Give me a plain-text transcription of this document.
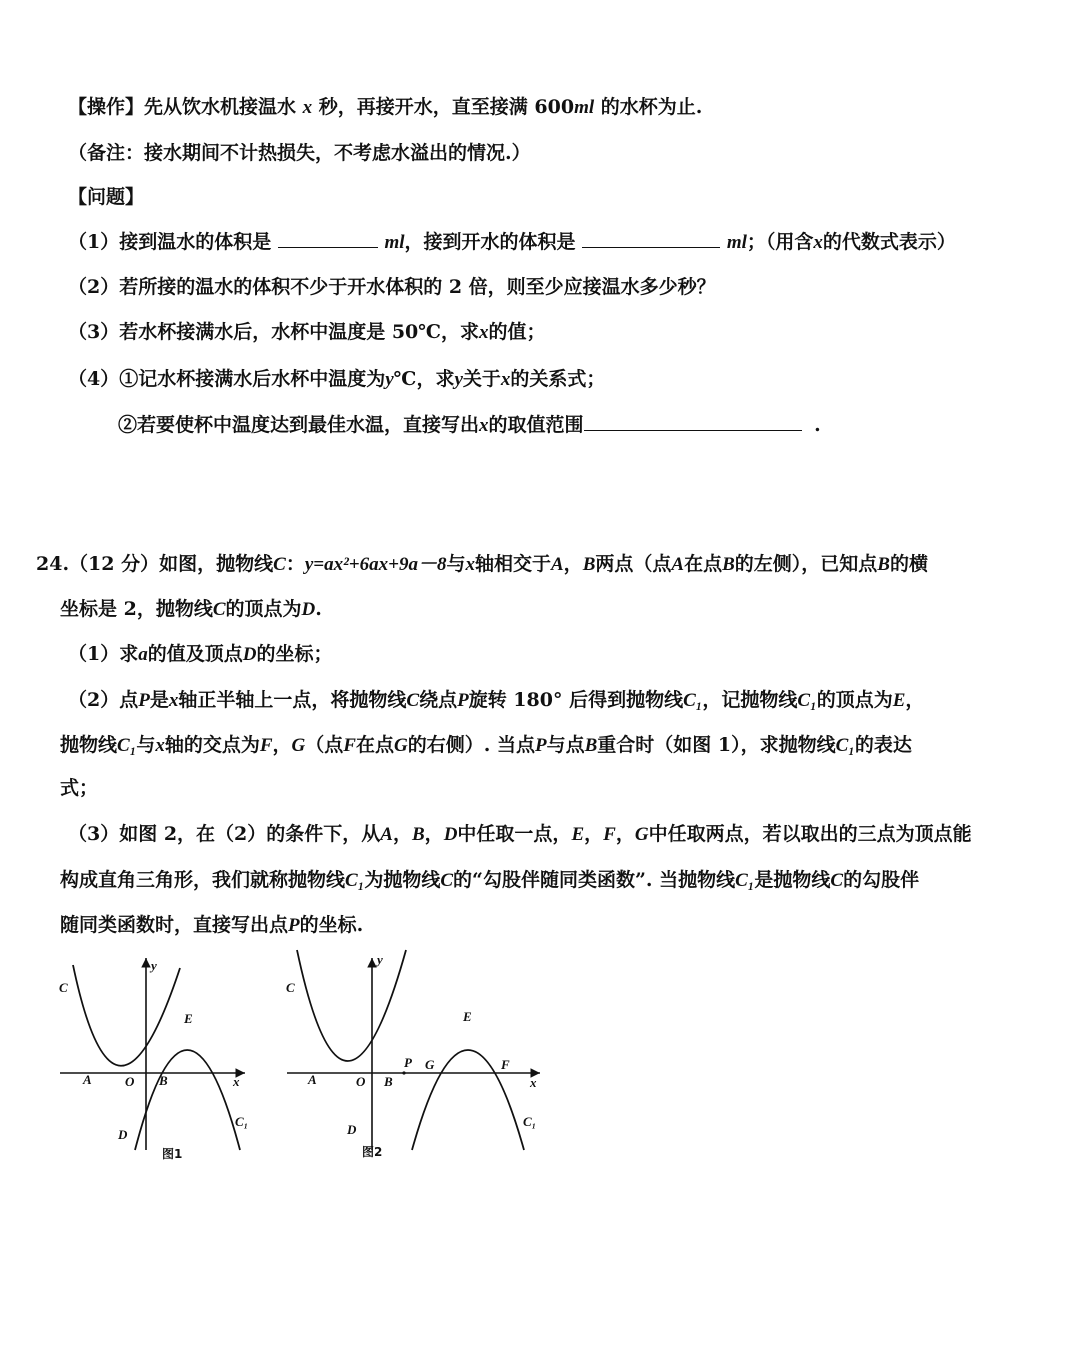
【操作】先从饮水机接温水 x 秒，再接开水，直至接满 600ml 的水杯为止.
（备注：接水期间不计热损失，不考虑水溢出的情况.）
【问题】
（1）接到温水的体积是	ml，接到开水的体积是	ml；（用含x的代数式表示）
（2）若所接的温水的体积不少于开水体积的 2 倍，则至少应接温水多少秒？
（3）若水杯接满水后，水杯中温度是 50℃，求x的值；
（4）①记水杯接满水后水杯中温度为y℃，求y关于x的关系式；
②若要使杯中温度达到最佳水温，直接写出x的取值范围	.
24.（12 分）如图，抛物线C：y=ax²+6ax+9a－8与x轴相交于A，B两点（点A在点B的左侧），已知点B的横
坐标是 2，抛物线C的顶点为D.
（1）求a的值及顶点D的坐标；
（2）点P是x轴正半轴上一点，将抛物线C绕点P旋转 180° 后得到抛物线C₁，记抛物线C₁的顶点为E，
抛物线C₁与x轴的交点为F，G（点F在点G的右侧）. 当点P与点B重合时（如图 1），求抛物线C₁的表达
式；
（3）如图 2，在（2）的条件下，从A，B，D中任取一点，E，F，G中任取两点，若以取出的三点为顶点能
构成直角三角形，我们就称抛物线C₁为抛物线C的“勾股伴随同类函数”. 当抛物线C₁是抛物线C的勾股伴
随同类函数时，直接写出点P的坐标.
C
y
E
A	O B	x
D
C₁
图1
C
y
E
A	O B
P G	F
x
D
C₁
图2
